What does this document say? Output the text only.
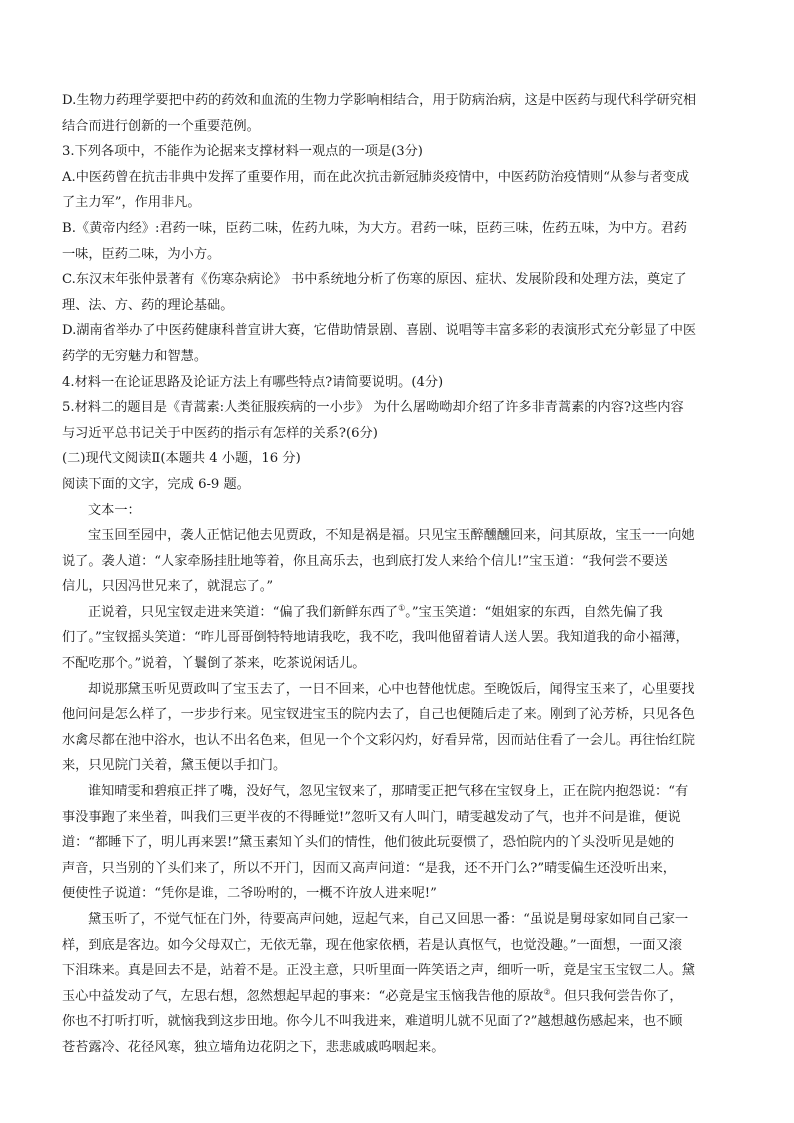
D.生物力药理学要把中药的药效和血流的生物力学影响相结合，用于防病治病，这是中医药与现代科学研究相

结合而进行创新的一个重要范例。

3.下列各项中，不能作为论据来支撑材料一观点的一项是(3分)

A.中医药曾在抗击非典中发挥了重要作用，而在此次抗击新冠肺炎疫情中，中医药防治疫情则“从参与者变成

了主力军”，作用非凡。

B.《黄帝内经》:君药一味，臣药二味，佐药九味，为大方。君药一味，臣药三味，佐药五味，为中方。君药

一味，臣药二味，为小方。

C.东汉末年张仲景著有《伤寒杂病论》 书中系统地分析了伤寒的原因、症状、发展阶段和处理方法，奠定了

理、法、方、药的理论基础。

D.湖南省举办了中医药健康科普宣讲大赛，它借助情景剧、喜剧、说唱等丰富多彩的表演形式充分彰显了中医

药学的无穷魅力和智慧。

4.材料一在论证思路及论证方法上有哪些特点?请简要说明。(4分)

5.材料二的题目是《青蒿素:人类征服疾病的一小步》 为什么屠呦呦却介绍了许多非青蒿素的内容?这些内容

与习近平总书记关于中医药的指示有怎样的关系?(6分)

(二)现代文阅读Ⅱ(本题共 4 小题，16 分)

阅读下面的文字，完成 6-9 题。

文本一：

宝玉回至园中，袭人正惦记他去见贾政，不知是祸是福。只见宝玉醉醺醺回来，问其原故，宝玉一一向她

说了。袭人道：“人家牵肠挂肚地等着，你且高乐去，也到底打发人来给个信儿!”宝玉道：“我何尝不要送

信儿，只因冯世兄来了，就混忘了。”

正说着，只见宝钗走进来笑道：“偏了我们新鲜东西了①。”宝玉笑道：“姐姐家的东西，自然先偏了我

们了。”宝钗摇头笑道：“昨儿哥哥倒特特地请我吃，我不吃，我叫他留着请人送人罢。我知道我的命小福薄，

不配吃那个。”说着，丫鬟倒了茶来，吃茶说闲话儿。

却说那黛玉听见贾政叫了宝玉去了，一日不回来，心中也替他忧虑。至晚饭后，闻得宝玉来了，心里要找

他问问是怎么样了，一步步行来。见宝钗进宝玉的院内去了，自己也便随后走了来。刚到了沁芳桥，只见各色

水禽尽都在池中浴水，也认不出名色来，但见一个个文彩闪灼，好看异常，因而站住看了一会儿。再往怡红院

来，只见院门关着，黛玉便以手扣门。

谁知晴雯和碧痕正拌了嘴，没好气，忽见宝钗来了，那晴雯正把气移在宝钗身上，正在院内抱怨说：“有

事没事跑了来坐着，叫我们三更半夜的不得睡觉!”忽听又有人叫门，晴雯越发动了气，也并不问是谁，便说

道：“都睡下了，明儿再来罢!”黛玉素知丫头们的情性，他们彼此玩耍惯了，恐怕院内的丫头没听见是她的

声音，只当别的丫头们来了，所以不开门，因而又高声问道：“是我，还不开门么?”晴雯偏生还没听出来，

便使性子说道：“凭你是谁，二爷吩咐的，一概不许放人进来呢!”

黛玉听了，不觉气怔在门外，待要高声问她，逗起气来，自己又回思一番：“虽说是舅母家如同自己家一

样，到底是客边。如今父母双亡，无依无靠，现在他家依栖，若是认真怄气，也觉没趣。”一面想，一面又滚

下泪珠来。真是回去不是，站着不是。正没主意，只听里面一阵笑语之声，细听一听，竟是宝玉宝钗二人。黛

玉心中益发动了气，左思右想，忽然想起早起的事来：“必竟是宝玉恼我告他的原故②。但只我何尝告你了，

你也不打听打听，就恼我到这步田地。你今儿不叫我进来，难道明儿就不见面了?”越想越伤感起来，也不顾

苍苔露冷、花径风寒，独立墙角边花阴之下，悲悲戚戚呜咽起来。
